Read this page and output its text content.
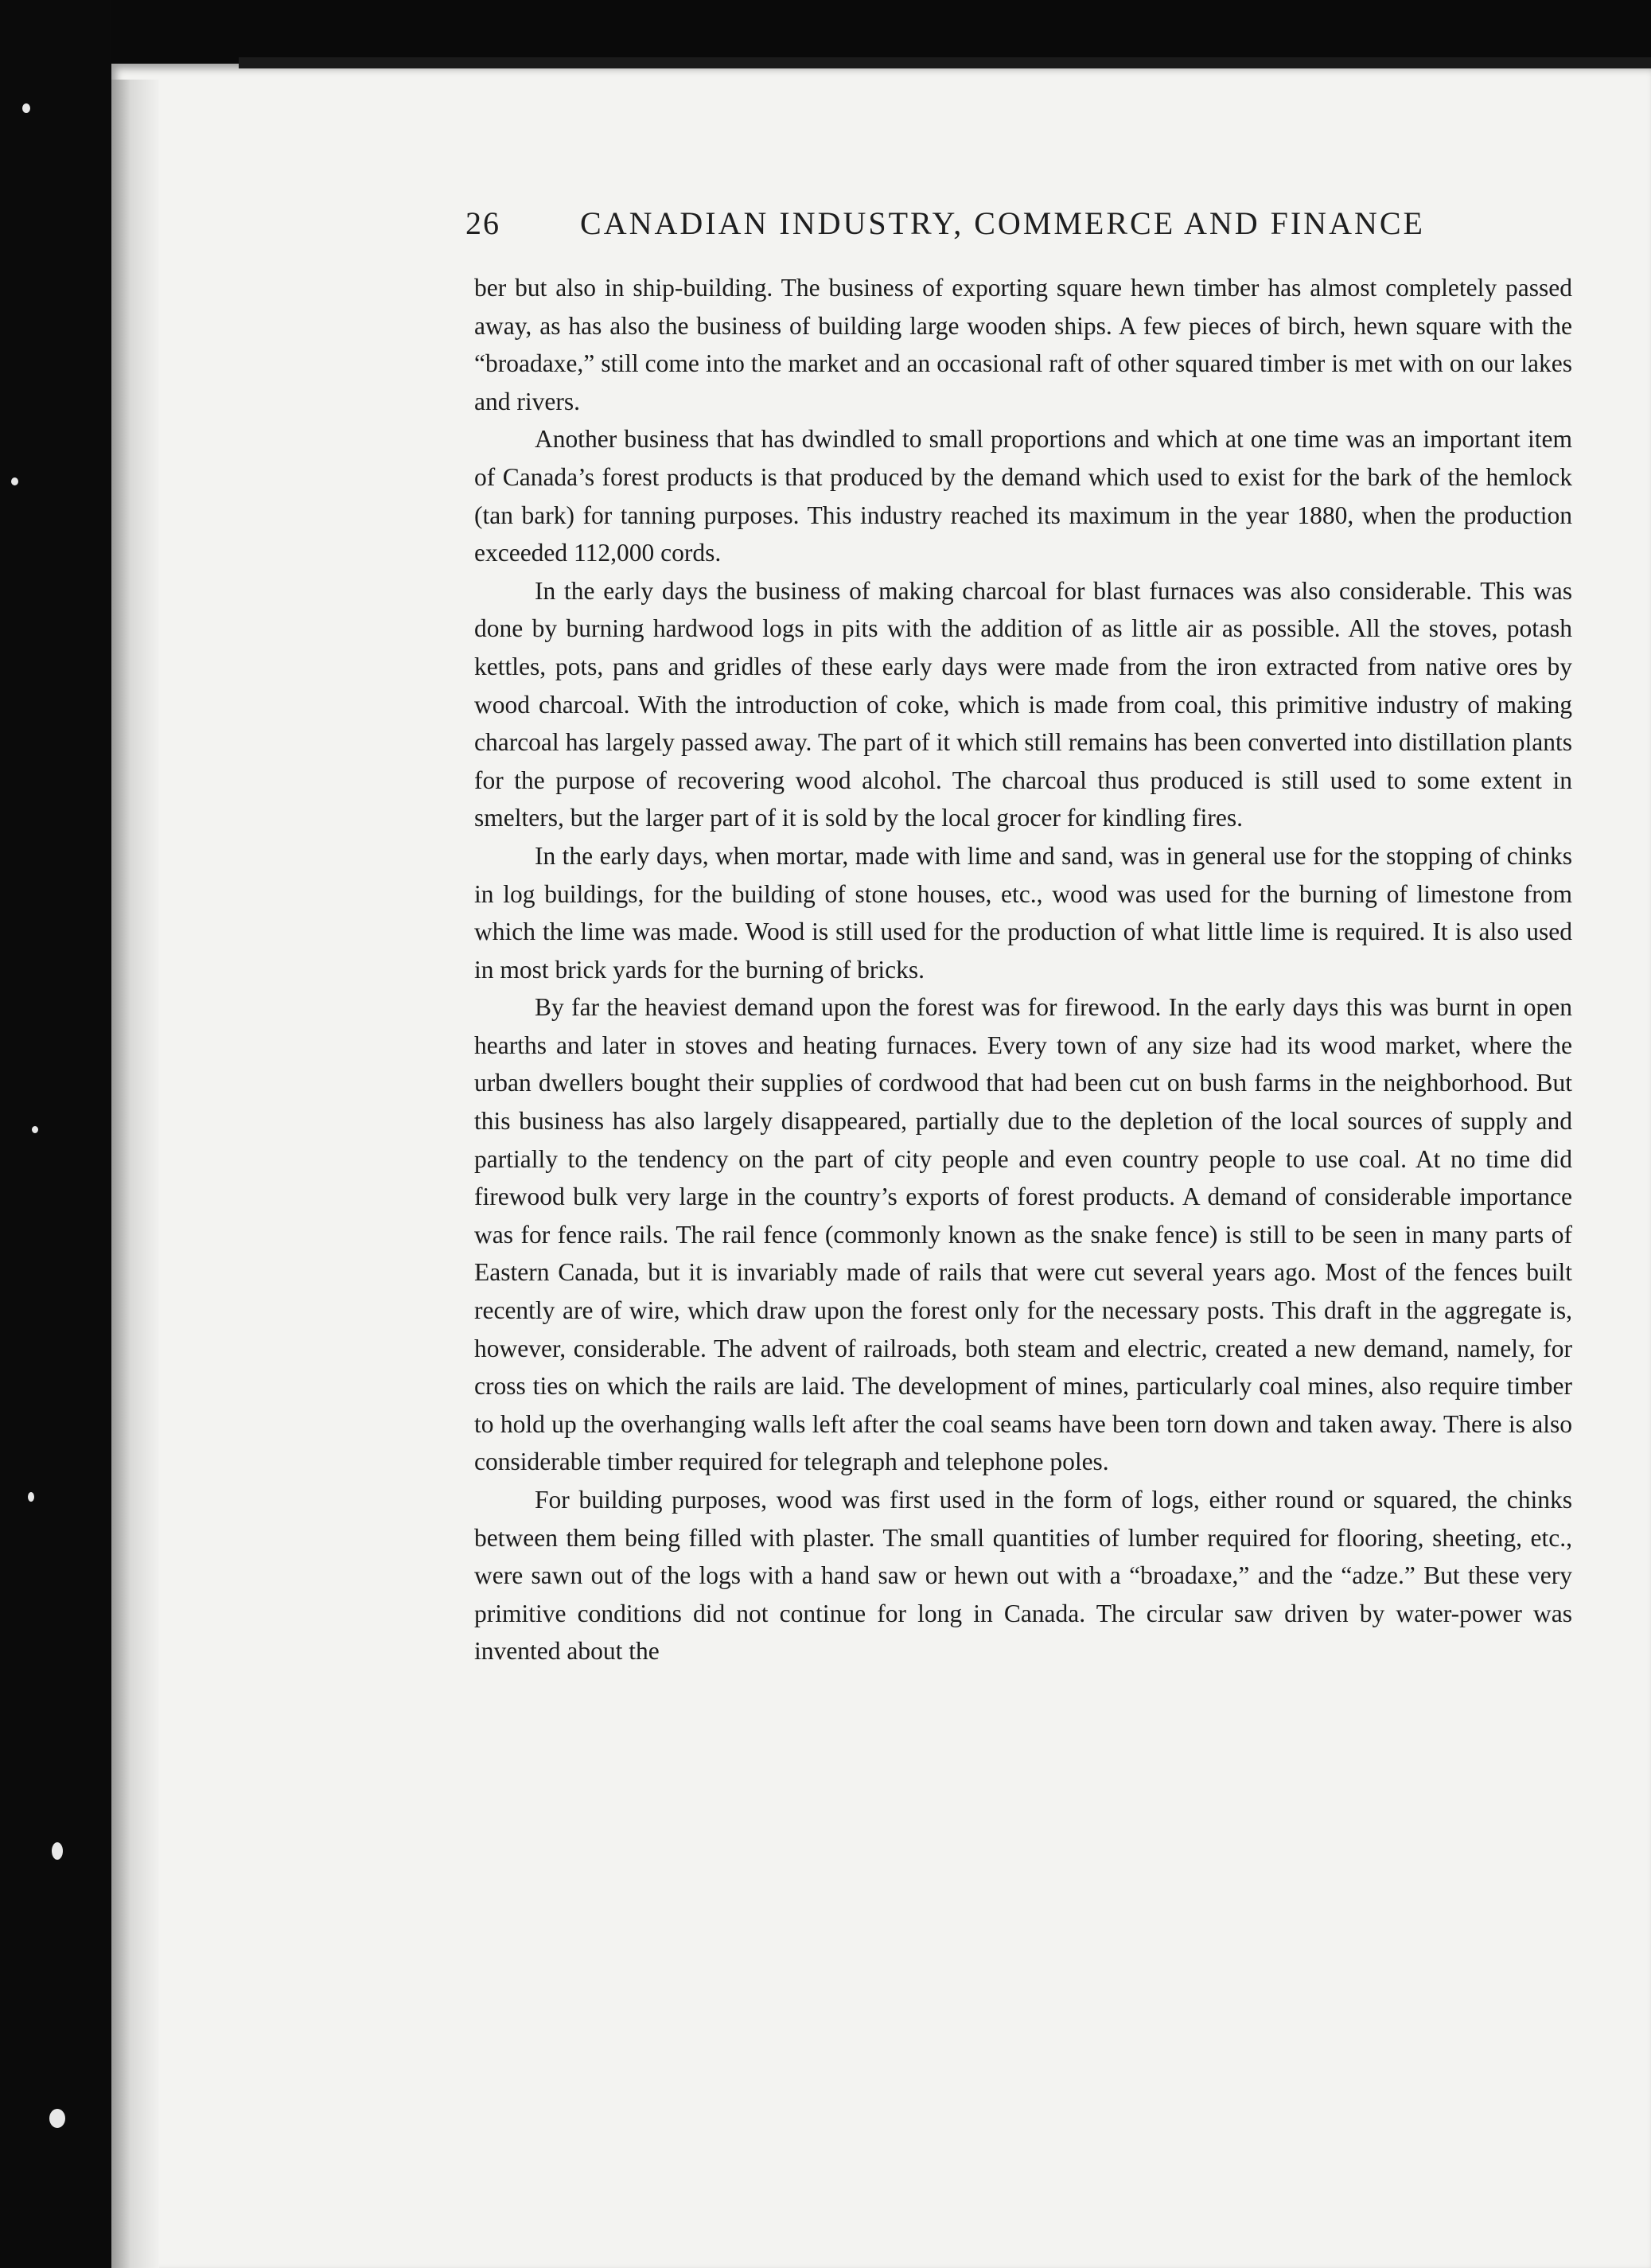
26	CANADIAN INDUSTRY, COMMERCE AND FINANCE

ber but also in ship-building. The business of exporting square hewn timber has almost completely passed away, as has also the business of building large wooden ships. A few pieces of birch, hewn square with the “broadaxe,” still come into the market and an occasional raft of other squared timber is met with on our lakes and rivers.

Another business that has dwindled to small proportions and which at one time was an important item of Canada’s forest products is that produced by the demand which used to exist for the bark of the hemlock (tan bark) for tanning purposes. This industry reached its maximum in the year 1880, when the production exceeded 112,000 cords.

In the early days the business of making charcoal for blast furnaces was also considerable. This was done by burning hardwood logs in pits with the addition of as little air as possible. All the stoves, potash kettles, pots, pans and gridles of these early days were made from the iron extracted from native ores by wood charcoal. With the introduction of coke, which is made from coal, this primitive industry of making charcoal has largely passed away. The part of it which still remains has been converted into distillation plants for the purpose of recovering wood alcohol. The charcoal thus produced is still used to some extent in smelters, but the larger part of it is sold by the local grocer for kindling fires.

In the early days, when mortar, made with lime and sand, was in general use for the stopping of chinks in log buildings, for the building of stone houses, etc., wood was used for the burning of limestone from which the lime was made. Wood is still used for the production of what little lime is required. It is also used in most brick yards for the burning of bricks.

By far the heaviest demand upon the forest was for firewood. In the early days this was burnt in open hearths and later in stoves and heating furnaces. Every town of any size had its wood market, where the urban dwellers bought their supplies of cordwood that had been cut on bush farms in the neighborhood. But this business has also largely disappeared, partially due to the depletion of the local sources of supply and partially to the tendency on the part of city people and even country people to use coal. At no time did firewood bulk very large in the country’s exports of forest products. A demand of considerable importance was for fence rails. The rail fence (commonly known as the snake fence) is still to be seen in many parts of Eastern Canada, but it is invariably made of rails that were cut several years ago. Most of the fences built recently are of wire, which draw upon the forest only for the necessary posts. This draft in the aggregate is, however, considerable. The advent of railroads, both steam and electric, created a new demand, namely, for cross ties on which the rails are laid. The development of mines, particularly coal mines, also require timber to hold up the overhanging walls left after the coal seams have been torn down and taken away. There is also considerable timber required for telegraph and telephone poles.

For building purposes, wood was first used in the form of logs, either round or squared, the chinks between them being filled with plaster. The small quantities of lumber required for flooring, sheeting, etc., were sawn out of the logs with a hand saw or hewn out with a “broadaxe,” and the “adze.” But these very primitive conditions did not continue for long in Canada. The circular saw driven by water-power was invented about the
